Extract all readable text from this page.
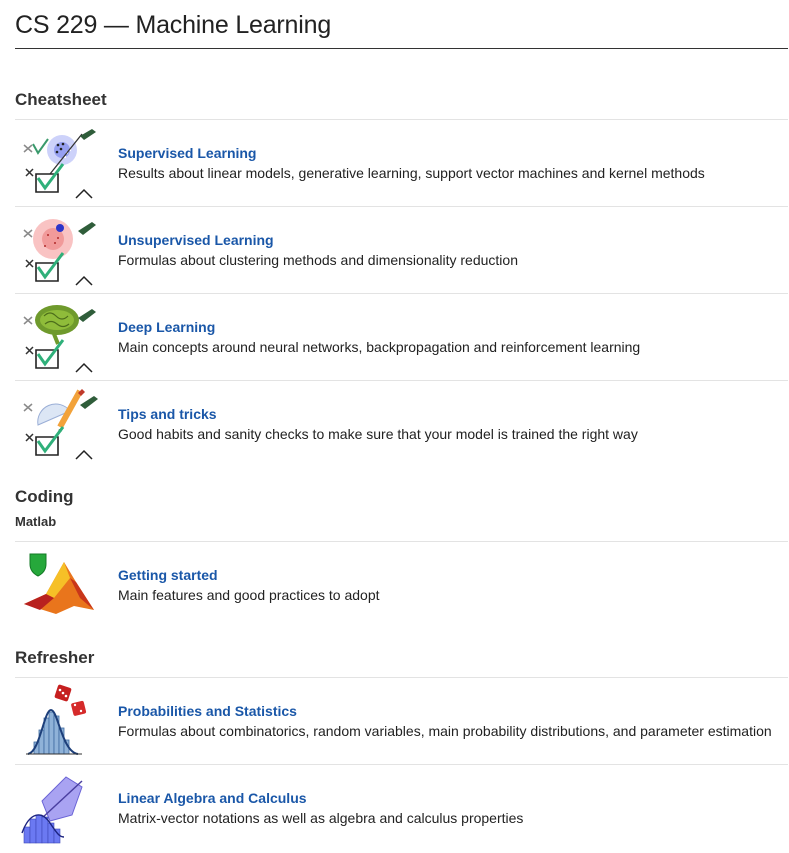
CS 229 — Machine Learning
Cheatsheet
Supervised Learning
Results about linear models, generative learning, support vector machines and kernel methods
Unsupervised Learning
Formulas about clustering methods and dimensionality reduction
Deep Learning
Main concepts around neural networks, backpropagation and reinforcement learning
Tips and tricks
Good habits and sanity checks to make sure that your model is trained the right way
Coding
Matlab
Getting started
Main features and good practices to adopt
Refresher
Probabilities and Statistics
Formulas about combinatorics, random variables, main probability distributions, and parameter estimation
Linear Algebra and Calculus
Matrix-vector notations as well as algebra and calculus properties
